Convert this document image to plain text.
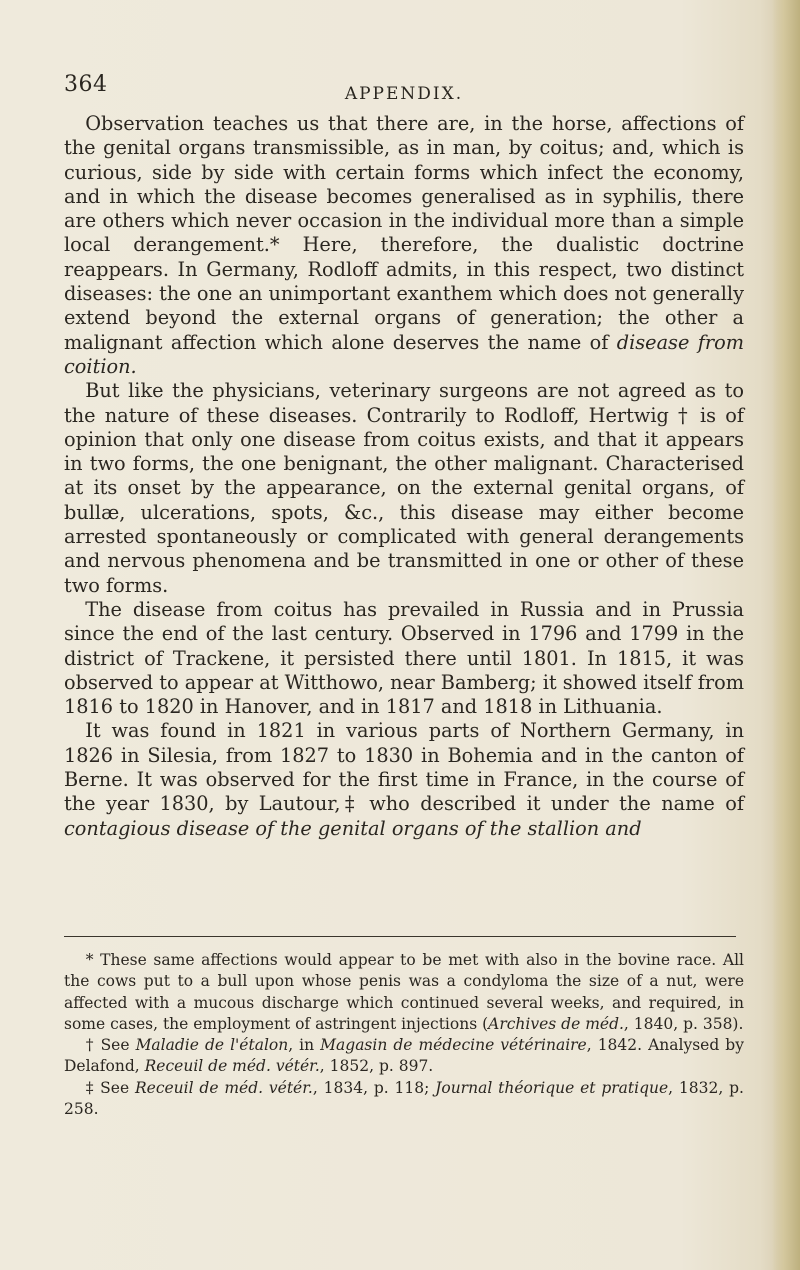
364	APPENDIX.

Observation teaches us that there are, in the horse, affections of the genital organs transmissible, as in man, by coitus; and, which is curious, side by side with certain forms which infect the economy, and in which the disease becomes generalised as in syphilis, there are others which never occasion in the individual more than a simple local derangement.* Here, therefore, the dualistic doctrine reappears. In Germany, Rodloff admits, in this respect, two distinct diseases: the one an unimportant exanthem which does not generally extend beyond the external organs of generation; the other a malignant affection which alone deserves the name of disease from coition.

But like the physicians, veterinary surgeons are not agreed as to the nature of these diseases. Contrarily to Rodloff, Hertwig † is of opinion that only one disease from coitus exists, and that it appears in two forms, the one benignant, the other malignant. Characterised at its onset by the appearance, on the external genital organs, of bullæ, ulcerations, spots, &c., this disease may either become arrested spontaneously or complicated with general derangements and nervous phenomena and be transmitted in one or other of these two forms.

The disease from coitus has prevailed in Russia and in Prussia since the end of the last century. Observed in 1796 and 1799 in the district of Trackene, it persisted there until 1801. In 1815, it was observed to appear at Witthowo, near Bamberg; it showed itself from 1816 to 1820 in Hanover, and in 1817 and 1818 in Lithuania.

It was found in 1821 in various parts of Northern Germany, in 1826 in Silesia, from 1827 to 1830 in Bohemia and in the canton of Berne. It was observed for the first time in France, in the course of the year 1830, by Lautour,‡ who described it under the name of contagious disease of the genital organs of the stallion and

* These same affections would appear to be met with also in the bovine race. All the cows put to a bull upon whose penis was a condyloma the size of a nut, were affected with a mucous discharge which continued several weeks, and required, in some cases, the employment of astringent injections (Archives de méd., 1840, p. 358).

† See Maladie de l'étalon, in Magasin de médecine vétérinaire, 1842. Analysed by Delafond, Receuil de méd. vétér., 1852, p. 897.

‡ See Receuil de méd. vétér., 1834, p. 118; Journal théorique et pratique, 1832, p. 258.
